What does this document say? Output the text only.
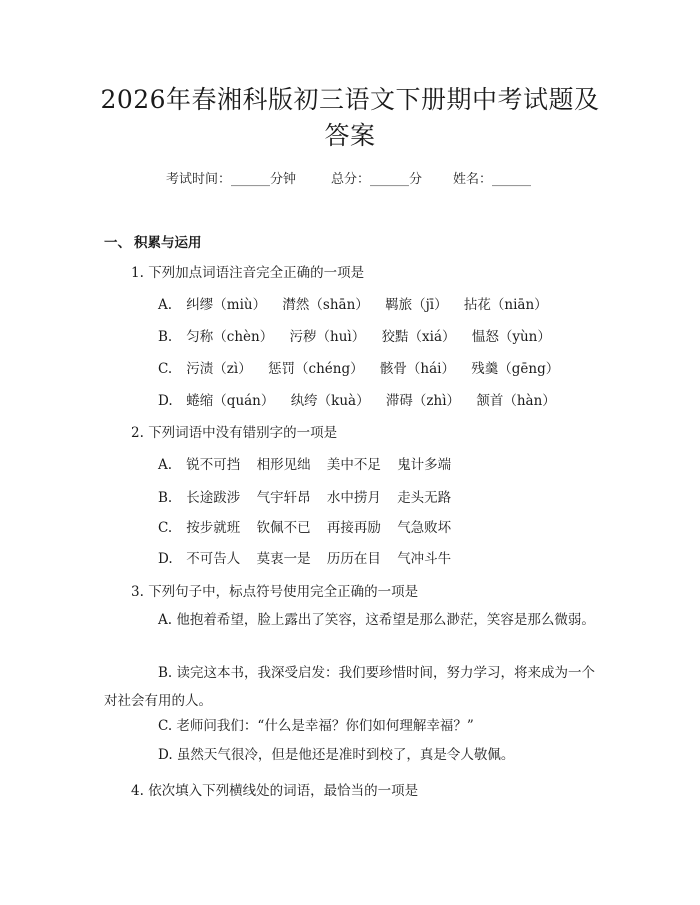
2026年春湘科版初三语文下册期中考试题及答案
考试时间：______分钟	总分：______分 姓名：______
一、 积累与运用
1. 下列加点词语注音完全正确的一项是
A. 纠缪（miù） 潸然（shān） 羁旅（jī） 拈花（niān）
B. 匀称（chèn） 污秽（huì） 狡黠（xiá） 愠怒（yùn）
C. 污渍（zì） 惩罚（chéng） 骸骨（hái） 残羹（gēng）
D. 蜷缩（quán） 纨绔（kuà） 滞碍（zhì） 颔首（hàn）
2. 下列词语中没有错别字的一项是
A. 锐不可挡 相形见绌 美中不足 鬼计多端
B. 长途跋涉 气宇轩昂 水中捞月 走头无路
C. 按步就班 钦佩不已 再接再励 气急败坏
D. 不可告人 莫衷一是 历历在目 气冲斗牛
3. 下列句子中，标点符号使用完全正确的一项是
A. 他抱着希望，脸上露出了笑容，这希望是那么渺茫，笑容是那么微弱。
B. 读完这本书，我深受启发：我们要珍惜时间，努力学习，将来成为一个对社会有用的人。
C. 老师问我们：“什么是幸福？你们如何理解幸福？”
D. 虽然天气很冷，但是他还是准时到校了，真是令人敬佩。
4. 依次填入下列横线处的词语，最恰当的一项是
